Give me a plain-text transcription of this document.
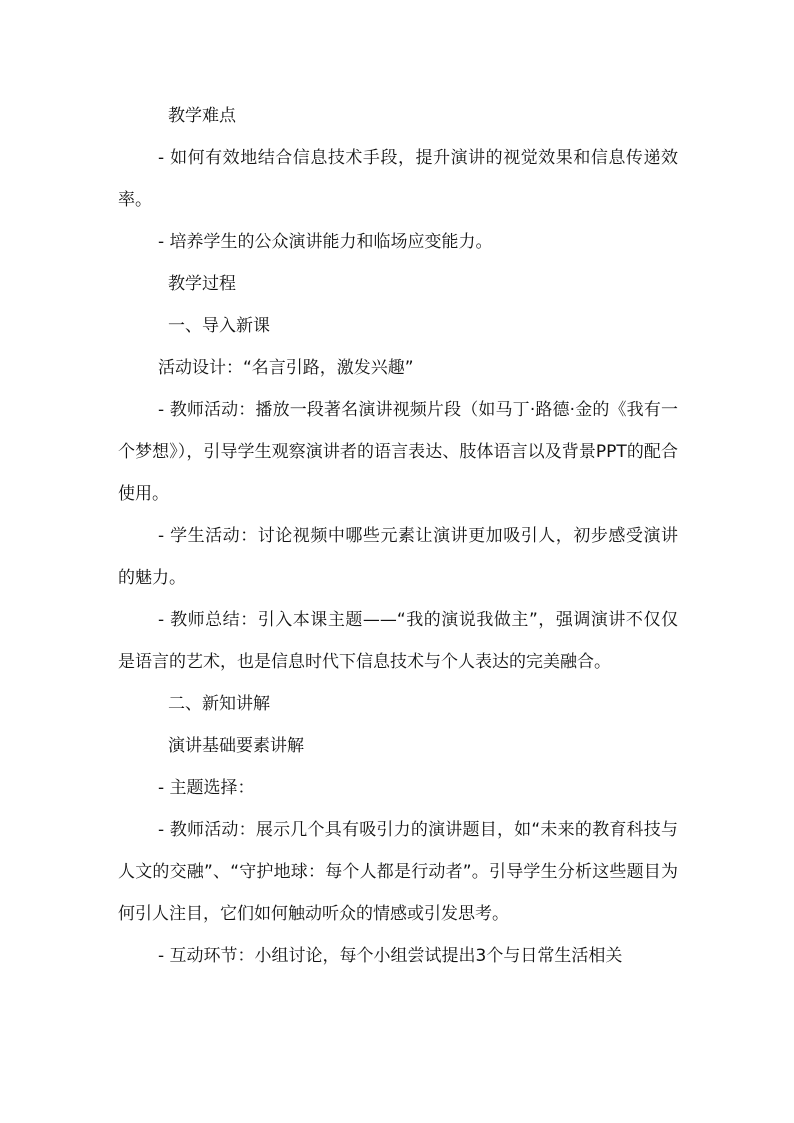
教学难点

- 如何有效地结合信息技术手段，提升演讲的视觉效果和信息传递效率。

- 培养学生的公众演讲能力和临场应变能力。

教学过程

一、导入新课

活动设计：“名言引路，激发兴趣”

- 教师活动：播放一段著名演讲视频片段（如马丁·路德·金的《我有一个梦想》），引导学生观察演讲者的语言表达、肢体语言以及背景PPT的配合使用。

- 学生活动：讨论视频中哪些元素让演讲更加吸引人，初步感受演讲的魅力。

- 教师总结：引入本课主题——“我的演说我做主”，强调演讲不仅仅是语言的艺术，也是信息时代下信息技术与个人表达的完美融合。

二、新知讲解

演讲基础要素讲解

- 主题选择：

- 教师活动：展示几个具有吸引力的演讲题目，如“未来的教育科技与人文的交融”、“守护地球：每个人都是行动者”。引导学生分析这些题目为何引人注目，它们如何触动听众的情感或引发思考。

- 互动环节：小组讨论，每个小组尝试提出3个与日常生活相关
